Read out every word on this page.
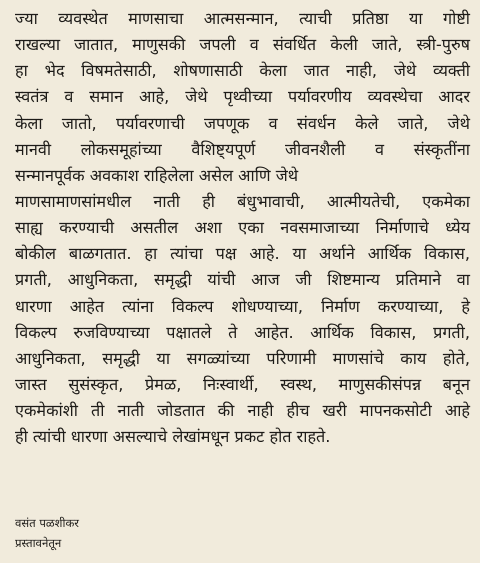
ज्या व्यवस्थेत माणसाचा आत्मसन्मान, त्याची प्रतिष्ठा या गोष्टी
राखल्या जातात, माणुसकी जपली व संवर्धित केली जाते, स्त्री-पुरुष
हा भेद विषमतेसाठी, शोषणासाठी केला जात नाही, जेथे व्यक्ती
स्वतंत्र व समान आहे, जेथे पृथ्वीच्या पर्यावरणीय व्यवस्थेचा आदर
केला जातो, पर्यावरणाची जपणूक व संवर्धन केले जाते, जेथे
मानवी लोकसमूहांच्या वैशिष्ट्यपूर्ण जीवनशैली व संस्कृतींना
सन्मानपूर्वक अवकाश राहिलेला असेल आणि जेथे
माणसामाणसांमधील नाती ही बंधुभावाची, आत्मीयतेची, एकमेका
साह्य करण्याची असतील अशा एका नवसमाजाच्या निर्माणाचे ध्येय
बोकील बाळगतात. हा त्यांचा पक्ष आहे. या अर्थाने आर्थिक विकास,
प्रगती, आधुनिकता, समृद्धी यांची आज जी शिष्टमान्य प्रतिमाने वा
धारणा आहेत त्यांना विकल्प शोधण्याच्या, निर्माण करण्याच्या, हे
विकल्प रुजविण्याच्या पक्षातले ते आहेत. आर्थिक विकास, प्रगती,
आधुनिकता, समृद्धी या सगळ्यांच्या परिणामी माणसांचे काय होते,
जास्त सुसंस्कृत, प्रेमळ, निःस्वार्थी, स्वस्थ, माणुसकीसंपन्न बनून
एकमेकांशी ती नाती जोडतात की नाही हीच खरी मापनकसोटी आहे
ही त्यांची धारणा असल्याचे लेखांमधून प्रकट होत राहते.
वसंत पळशीकर
प्रस्तावनेतून
